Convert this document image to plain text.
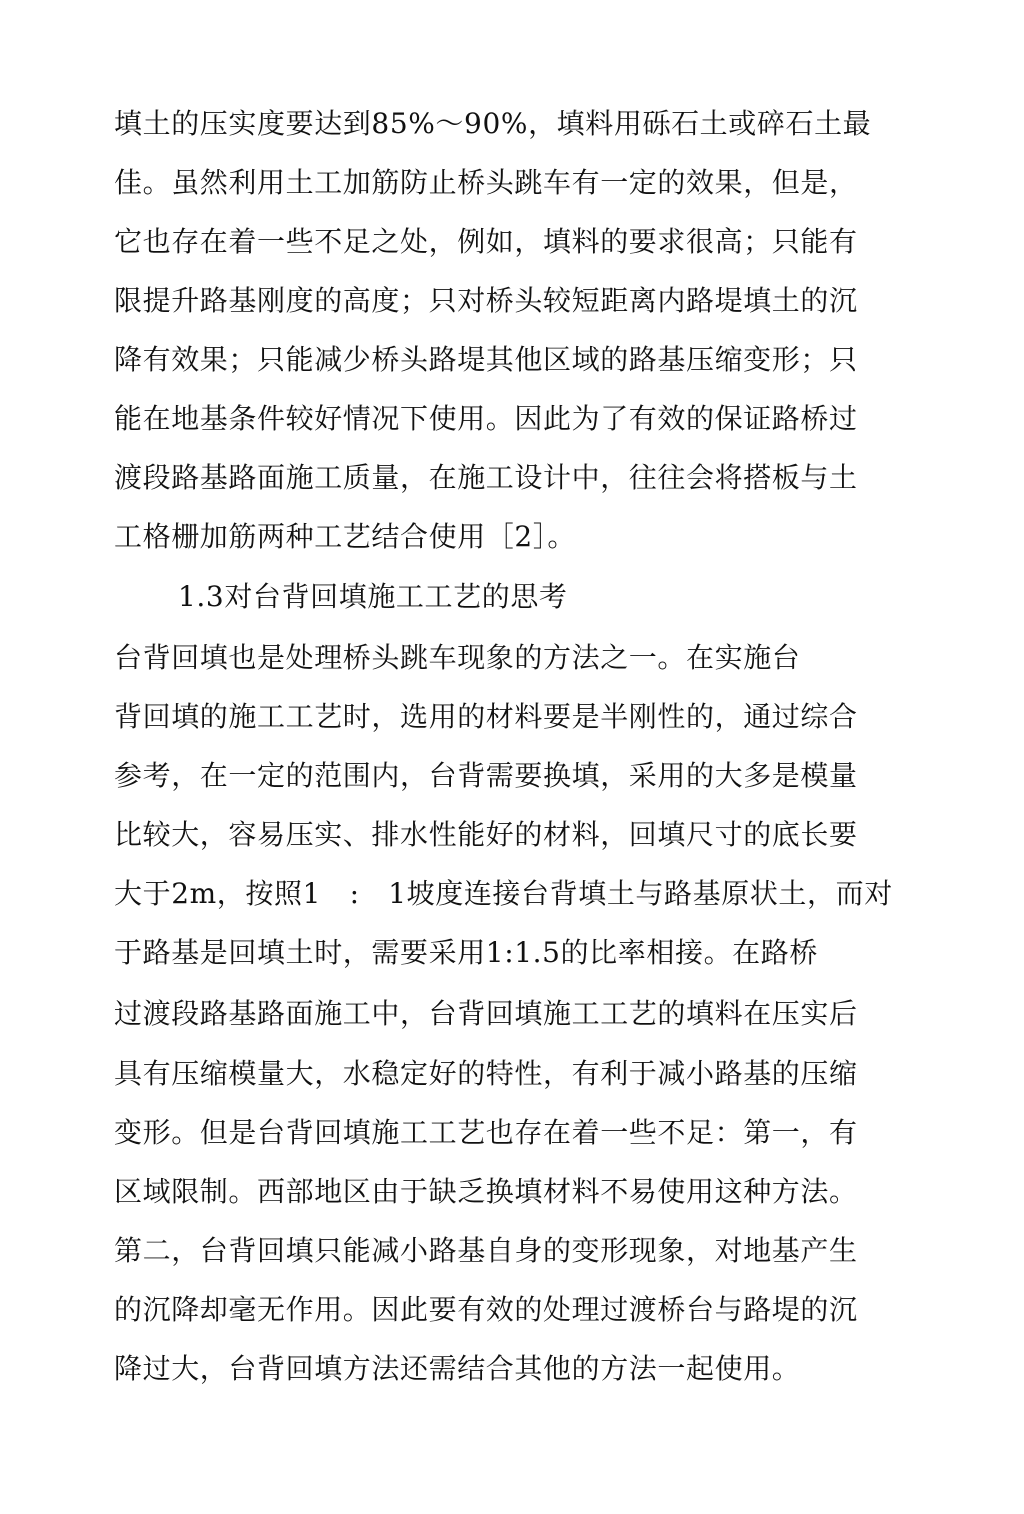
填土的压实度要达到85%～90%，填料用砾石土或碎石土最
佳。虽然利用土工加筋防止桥头跳车有一定的效果，但是，
它也存在着一些不足之处，例如，填料的要求很高；只能有
限提升路基刚度的高度；只对桥头较短距离内路堤填土的沉
降有效果；只能减少桥头路堤其他区域的路基压缩变形；只
能在地基条件较好情况下使用。因此为了有效的保证路桥过
渡段路基路面施工质量，在施工设计中，往往会将搭板与土
工格栅加筋两种工艺结合使用［2］。
1.3对台背回填施工工艺的思考
台背回填也是处理桥头跳车现象的方法之一。在实施台
背回填的施工工艺时，选用的材料要是半刚性的，通过综合
参考，在一定的范围内，台背需要换填，采用的大多是模量
比较大，容易压实、排水性能好的材料，回填尺寸的底长要
大于2m，按照1　:　1坡度连接台背填土与路基原状土，而对
于路基是回填土时，需要采用1:1.5的比率相接。在路桥
过渡段路基路面施工中，台背回填施工工艺的填料在压实后
具有压缩模量大，水稳定好的特性，有利于减小路基的压缩
变形。但是台背回填施工工艺也存在着一些不足：第一，有
区域限制。西部地区由于缺乏换填材料不易使用这种方法。
第二，台背回填只能减小路基自身的变形现象，对地基产生
的沉降却毫无作用。因此要有效的处理过渡桥台与路堤的沉
降过大，台背回填方法还需结合其他的方法一起使用。
